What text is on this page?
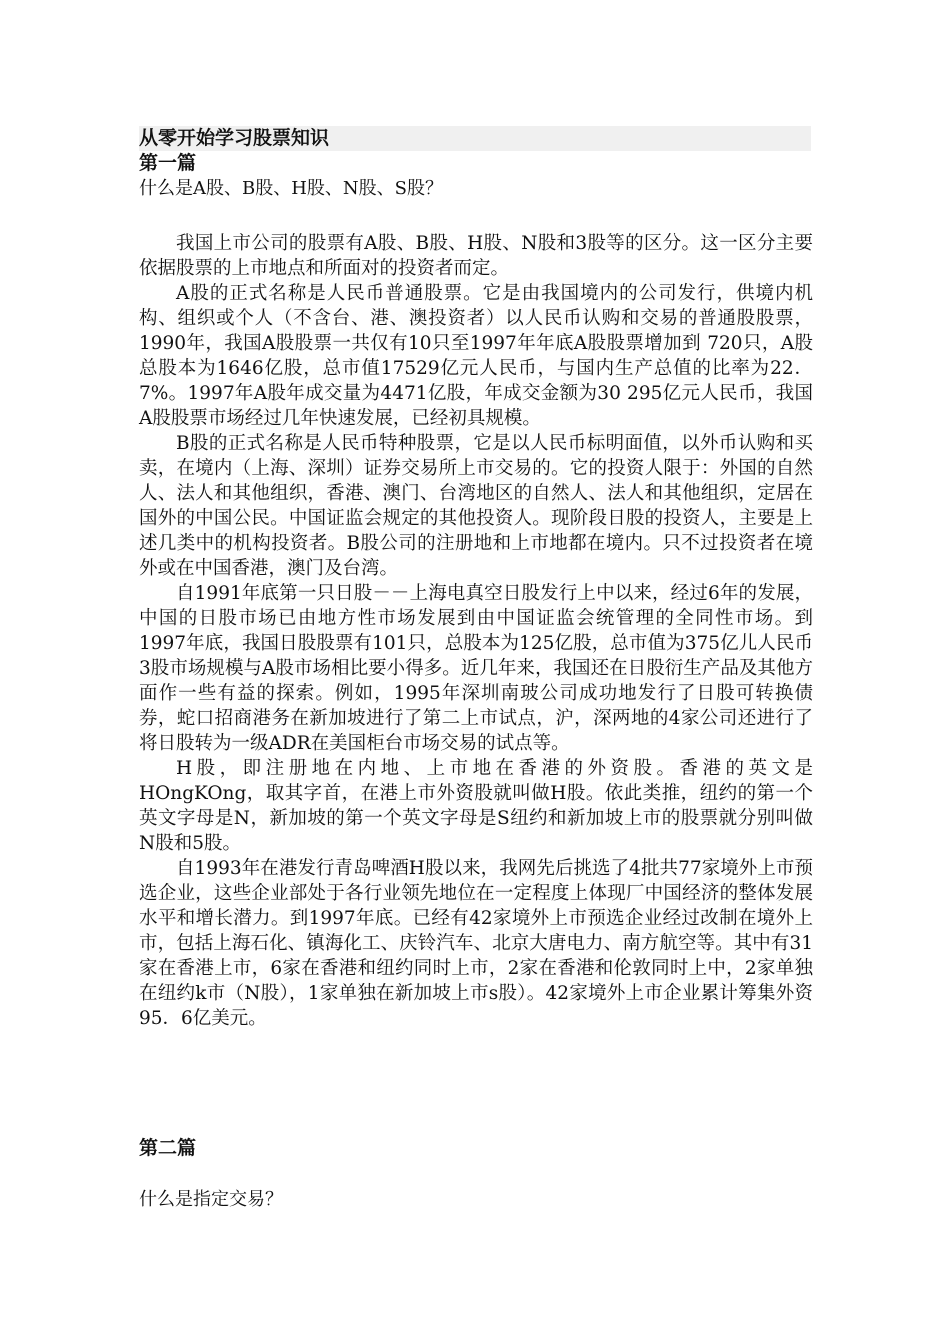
从零开始学习股票知识
第一篇

什么是A股、B股、H股、N股、S股？

我国上市公司的股票有A股、B股、H股、N股和3股等的区分。这一区分主要依据股票的上市地点和所面对的投资者而定。

A股的正式名称是人民币普通股票。它是由我国境内的公司发行，供境内机构、组织或个人（不含台、港、澳投资者）以人民币认购和交易的普通股股票，1990年，我国A股股票一共仅有10只至1997年年底A股股票增加到 720只，A股总股本为1646亿股，总市值17529亿元人民币，与国内生产总值的比率为22．7%。1997年A股年成交量为4471亿股，年成交金额为30 295亿元人民币，我国A股股票市场经过几年快速发展，已经初具规模。

B股的正式名称是人民币特种股票，它是以人民币标明面值，以外币认购和买卖，在境内（上海、深圳）证券交易所上市交易的。它的投资人限于：外国的自然人、法人和其他组织，香港、澳门、台湾地区的自然人、法人和其他组织，定居在国外的中国公民。中国证监会规定的其他投资人。现阶段日股的投资人，主要是上述几类中的机构投资者。B股公司的注册地和上市地都在境内。只不过投资者在境外或在中国香港，澳门及台湾。

自1991年底第一只日股－－上海电真空日股发行上中以来，经过6年的发展，中国的日股市场已由地方性市场发展到由中国证监会统管理的全同性市场。到1997年底，我国日股股票有101只，总股本为125亿股，总市值为375亿儿人民币3股市场规模与A股市场相比要小得多。近几年来，我国还在日股衍生产品及其他方面作一些有益的探索。例如，1995年深圳南玻公司成功地发行了日股可转换债券，蛇口招商港务在新加坡进行了第二上市试点，沪，深两地的4家公司还进行了将日股转为一级ADR在美国柜台市场交易的试点等。

H股，即注册地在内地、上市地在香港的外资股。香港的英文是HOngKOng，取其字首，在港上市外资股就叫做H股。依此类推，纽约的第一个英文字母是N，新加坡的第一个英文字母是S纽约和新加坡上市的股票就分别叫做N股和5股。

自1993年在港发行青岛啤酒H股以来，我网先后挑选了4批共77家境外上市预选企业，这些企业部处于各行业领先地位在一定程度上体现厂中国经济的整体发展水平和增长潜力。到1997年底。已经有42家境外上市预选企业经过改制在境外上市，包括上海石化、镇海化工、庆铃汽车、北京大唐电力、南方航空等。其中有31家在香港上市，6家在香港和纽约同时上市，2家在香港和伦敦同时上中，2家单独在纽约k市（N股），1家单独在新加坡上市s股）。42家境外上市企业累计筹集外资95．6亿美元。

第二篇

什么是指定交易？
